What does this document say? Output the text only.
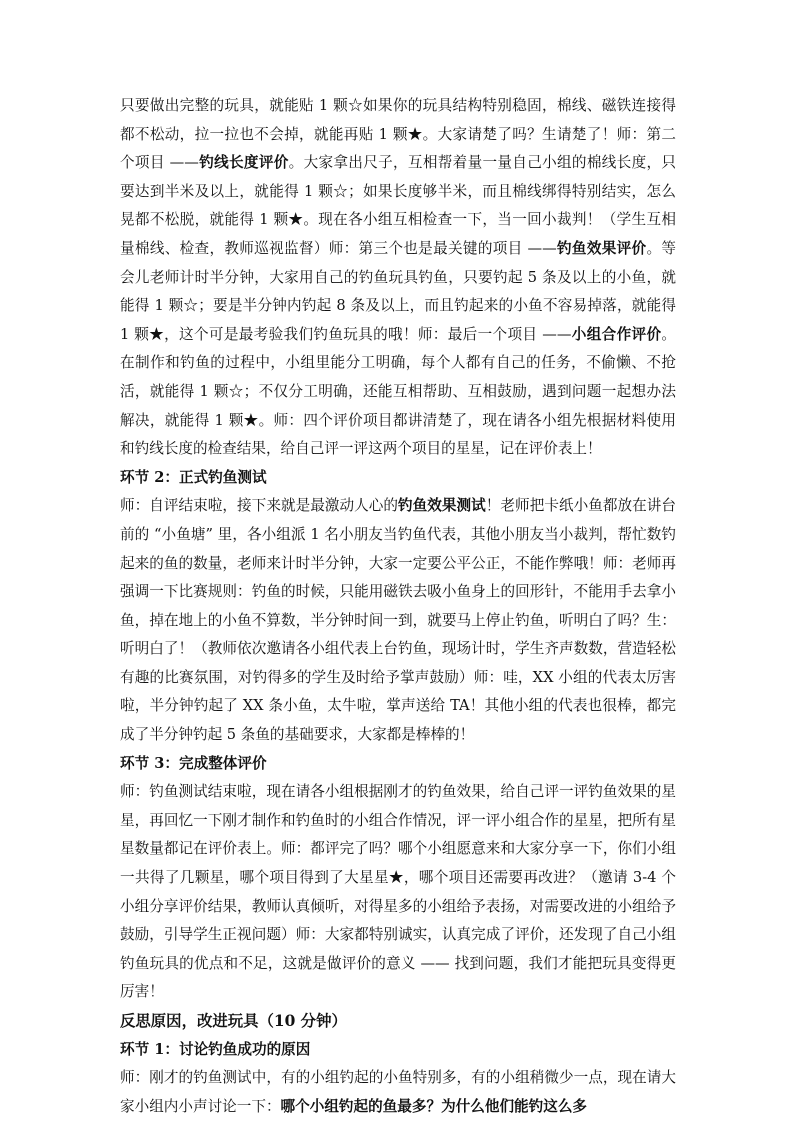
只要做出完整的玩具，就能贴 1 颗☆如果你的玩具结构特别稳固，棉线、磁铁连接得都不松动，拉一拉也不会掉，就能再贴 1 颗★。大家请楚了吗？生请楚了！师：第二个项目 ——钓线长度评价。大家拿出尺子，互相帮着量一量自己小组的棉线长度，只要达到半米及以上，就能得 1 颗☆；如果长度够半米，而且棉线绑得特别结实，怎么晃都不松脱，就能得 1 颗★。现在各小组互相检查一下，当一回小裁判！（学生互相量棉线、检查，教师巡视监督）师：第三个也是最关键的项目 ——钓鱼效果评价。等会儿老师计时半分钟，大家用自己的钓鱼玩具钓鱼，只要钓起 5 条及以上的小鱼，就能得 1 颗☆；要是半分钟内钓起 8 条及以上，而且钓起来的小鱼不容易掉落，就能得 1 颗★，这个可是最考验我们钓鱼玩具的哦！师：最后一个项目 ——小组合作评价。在制作和钓鱼的过程中，小组里能分工明确，每个人都有自己的任务，不偷懒、不抢活，就能得 1 颗☆；不仅分工明确，还能互相帮助、互相鼓励，遇到问题一起想办法解决，就能得 1 颗★。师：四个评价项目都讲清楚了，现在请各小组先根据材料使用和钓线长度的检查结果，给自己评一评这两个项目的星星，记在评价表上！

环节 2：正式钓鱼测试

师：自评结束啦，接下来就是最激动人心的钓鱼效果测试！老师把卡纸小鱼都放在讲台前的 “小鱼塘” 里，各小组派 1 名小朋友当钓鱼代表，其他小朋友当小裁判，帮忙数钓起来的鱼的数量，老师来计时半分钟，大家一定要公平公正，不能作弊哦！师：老师再强调一下比赛规则：钓鱼的时候，只能用磁铁去吸小鱼身上的回形针，不能用手去拿小鱼，掉在地上的小鱼不算数，半分钟时间一到，就要马上停止钓鱼，听明白了吗？生：听明白了！（教师依次邀请各小组代表上台钓鱼，现场计时，学生齐声数数，营造轻松有趣的比赛氛围，对钓得多的学生及时给予掌声鼓励）师：哇，XX 小组的代表太厉害啦，半分钟钓起了 XX 条小鱼，太牛啦，掌声送给 TA！其他小组的代表也很棒，都完成了半分钟钓起 5 条鱼的基础要求，大家都是棒棒的！

环节 3：完成整体评价

师：钓鱼测试结束啦，现在请各小组根据刚才的钓鱼效果，给自己评一评钓鱼效果的星星，再回忆一下刚才制作和钓鱼时的小组合作情况，评一评小组合作的星星，把所有星星数量都记在评价表上。师：都评完了吗？哪个小组愿意来和大家分享一下，你们小组一共得了几颗星，哪个项目得到了大星星★，哪个项目还需要再改进？（邀请 3-4 个小组分享评价结果，教师认真倾听，对得星多的小组给予表扬，对需要改进的小组给予鼓励，引导学生正视问题）师：大家都特别诚实，认真完成了评价，还发现了自己小组钓鱼玩具的优点和不足，这就是做评价的意义 —— 找到问题，我们才能把玩具变得更厉害！

反思原因，改进玩具（10 分钟）

环节 1：讨论钓鱼成功的原因

师：刚才的钓鱼测试中，有的小组钓起的小鱼特别多，有的小组稍微少一点，现在请大家小组内小声讨论一下：哪个小组钓起的鱼最多？为什么他们能钓这么多
